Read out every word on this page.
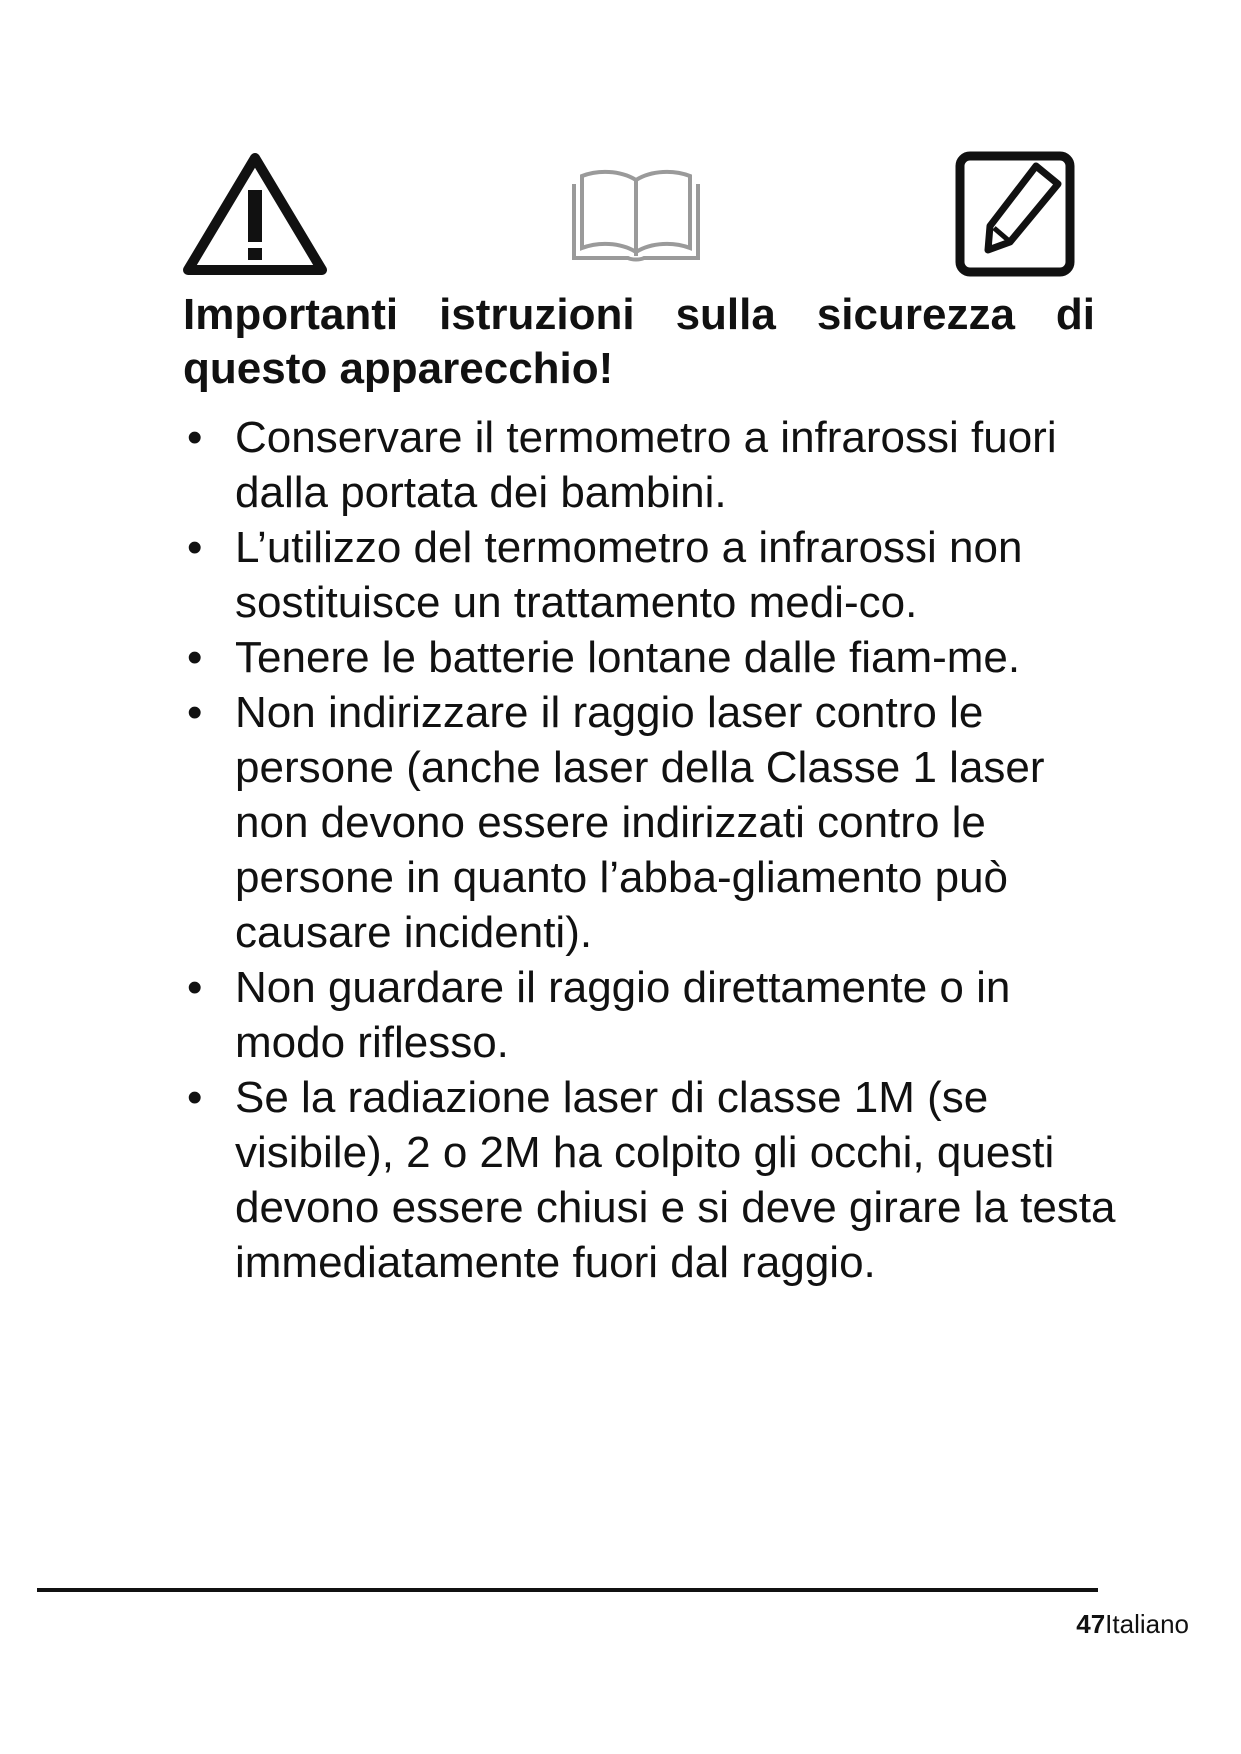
Importanti istruzioni sulla sicurezza di questo apparecchio!
• Conservare il termometro a infrarossi fuori dalla portata dei bambini.
• L’utilizzo del termometro a infrarossi non sostituisce un trattamento medi-co.
• Tenere le batterie lontane dalle fiam-me.
• Non indirizzare il raggio laser contro le persone (anche laser della Classe 1 laser non devono essere indirizzati contro le persone in quanto l’abba-gliamento può causare incidenti).
• Non guardare il raggio direttamente o in modo riflesso.
• Se la radiazione laser di classe 1M (se visibile), 2 o 2M ha colpito gli occhi, questi devono essere chiusi e si deve girare la testa immediatamente fuori dal raggio.
47Italiano
